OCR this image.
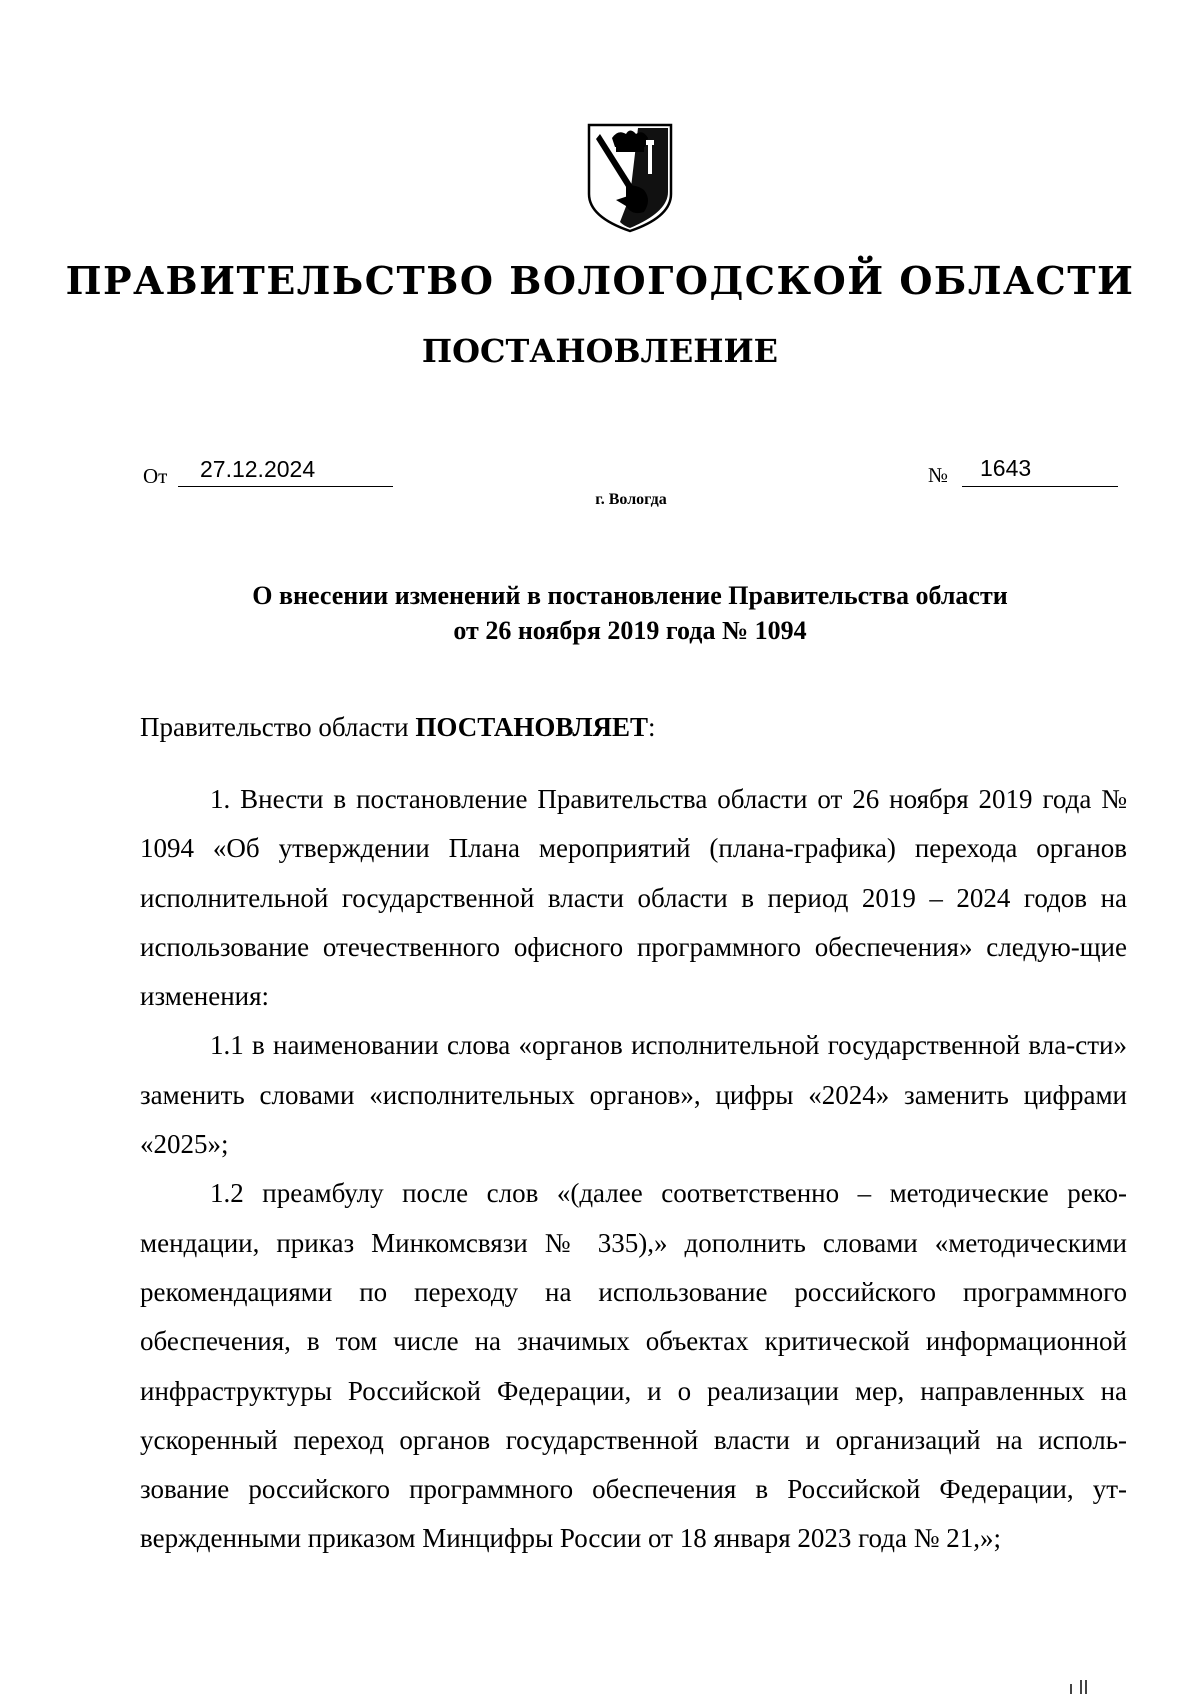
ПРАВИТЕЛЬСТВО ВОЛОГОДСКОЙ ОБЛАСТИ
ПОСТАНОВЛЕНИЕ
От 27.12.2024	№ 1643
г. Вологда
О внесении изменений в постановление Правительства области
от 26 ноября 2019 года № 1094
Правительство области ПОСТАНОВЛЯЕТ:

1. Внести в постановление Правительства области от 26 ноября 2019 года № 1094 «Об утверждении Плана мероприятий (плана-графика) перехода органов исполнительной государственной власти области в период 2019 – 2024 годов на использование отечественного офисного программного обеспечения» следую-щие изменения:

1.1 в наименовании слова «органов исполнительной государственной вла-сти» заменить словами «исполнительных органов», цифры «2024» заменить цифрами «2025»;

1.2 преамбулу после слов «(далее соответственно – методические реко-мендации, приказ Минкомсвязи № 335),» дополнить словами «методическими рекомендациями по переходу на использование российского программного обеспечения, в том числе на значимых объектах критической информационной инфраструктуры Российской Федерации, и о реализации мер, направленных на ускоренный переход органов государственной власти и организаций на исполь-зование российского программного обеспечения в Российской Федерации, ут-вержденными приказом Минцифры России от 18 января 2023 года № 21,»;
